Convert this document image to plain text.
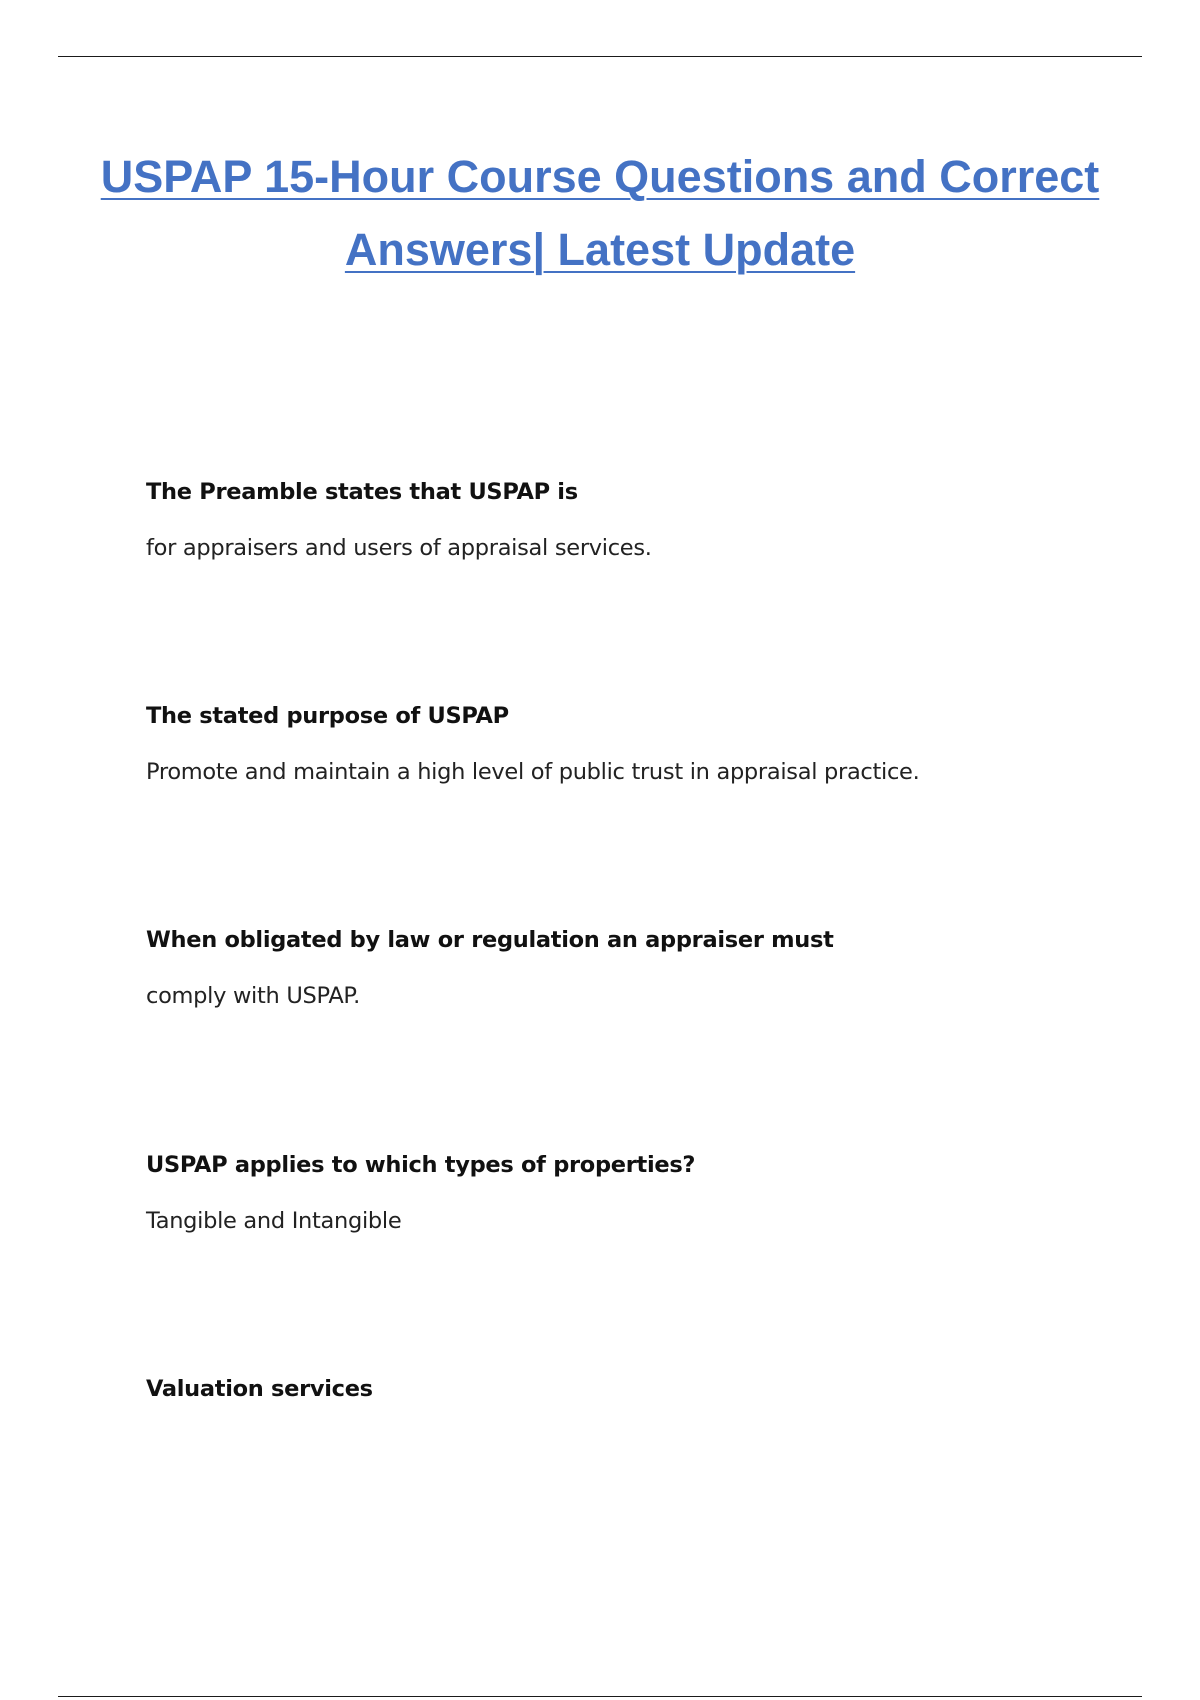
USPAP 15-Hour Course Questions and Correct Answers| Latest Update

The Preamble states that USPAP is

for appraisers and users of appraisal services.

The stated purpose of USPAP

Promote and maintain a high level of public trust in appraisal practice.

When obligated by law or regulation an appraiser must

comply with USPAP.

USPAP applies to which types of properties?

Tangible and Intangible

Valuation services
